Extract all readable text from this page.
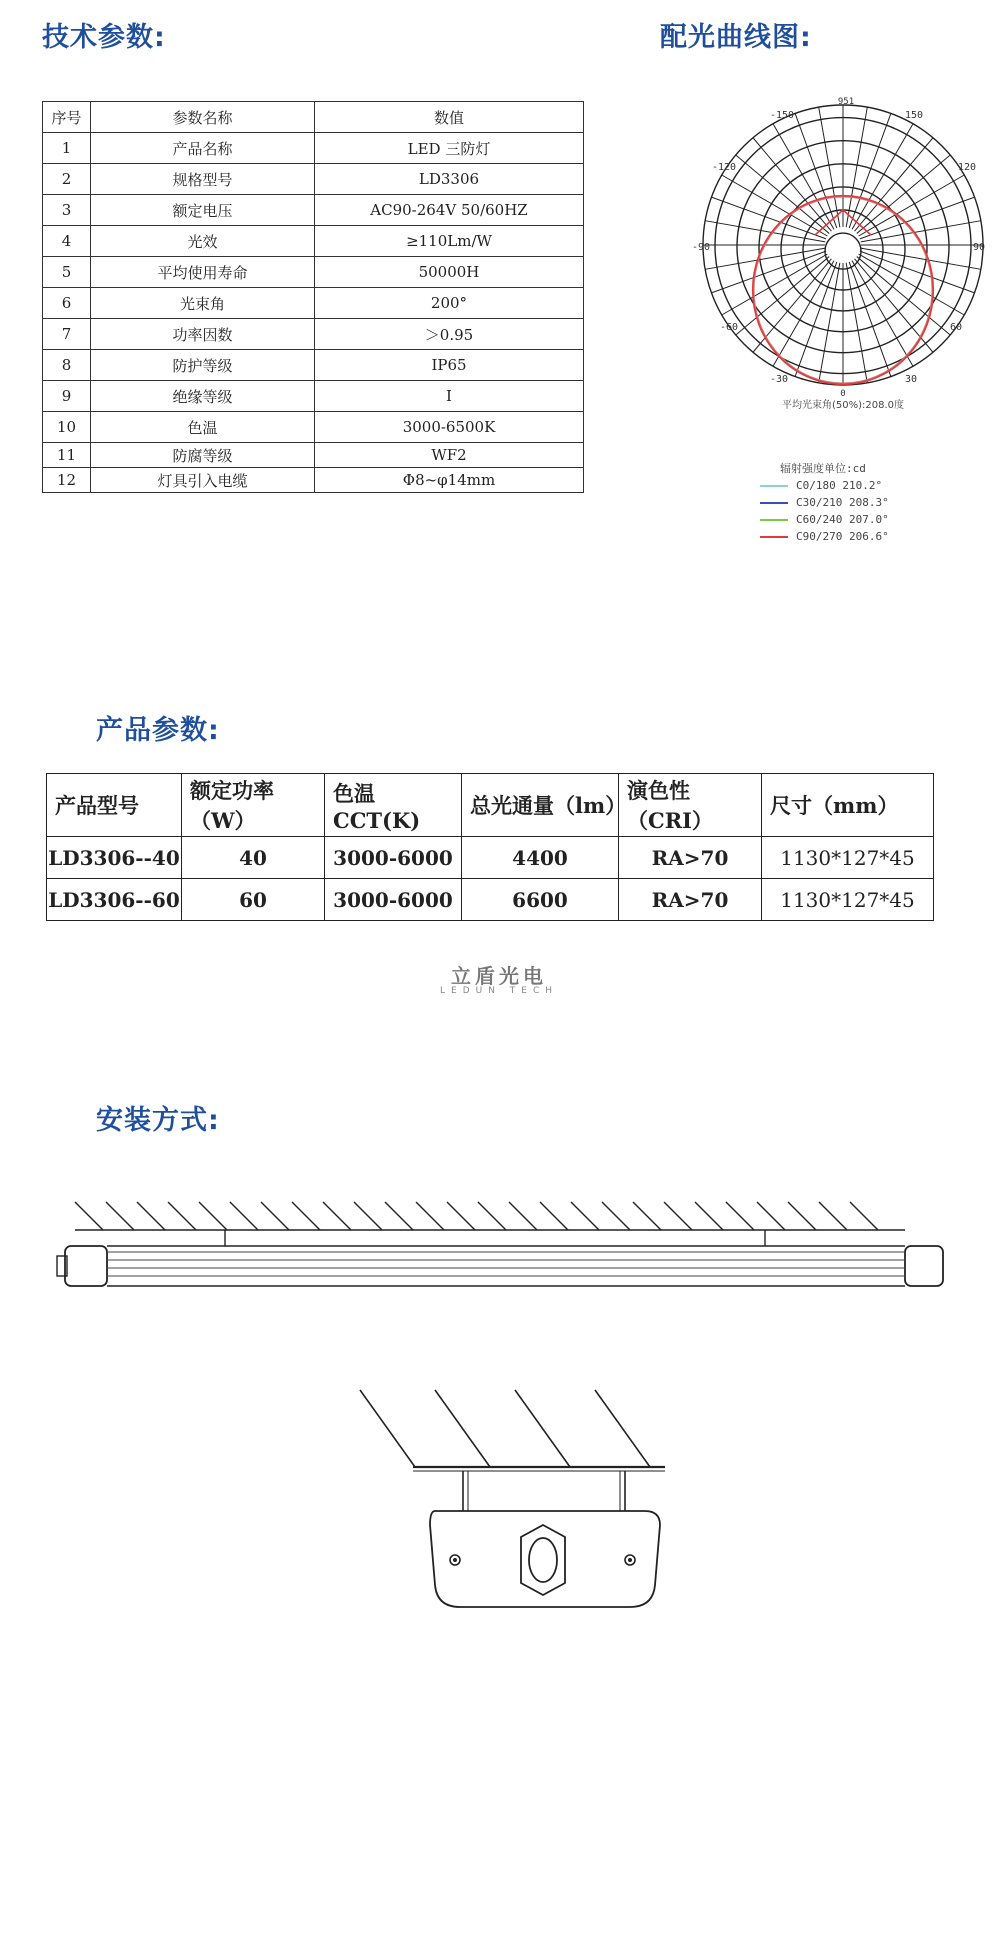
技术参数:	配光曲线图:
产品参数:
安装方式:
序号	参数名称	数值
1	产品名称	LED 三防灯
2	规格型号	LD3306
3	额定电压	AC90-264V 50/60HZ
4	光效	≥110Lm/W
5	平均使用寿命	50000H
6	光束角	200°
7	功率因数	＞0.95
8	防护等级	IP65
9	绝缘等级	Ⅰ
10	色温	3000-6500K
11	防腐等级	WF2
12	灯具引入电缆	Φ8~φ14mm
951
-150	150
-120	120
-90	90
-60	60
-30	30
0
平均光束角(50%):208.0度
辐射强度单位:cd
C0/180 210.2°
C30/210 208.3°
C60/240 207.0°
C90/270 206.6°
产品型号	额定功率（W）	色温 CCT(K)	总光通量（lm）	演色性（CRI）	尺寸（mm）
LD3306--40	40	3000-6000	4400	RA>70	1130*127*45
LD3306--60	60	3000-6000	6600	RA>70	1130*127*45
立盾光电
LEDUN TECH
